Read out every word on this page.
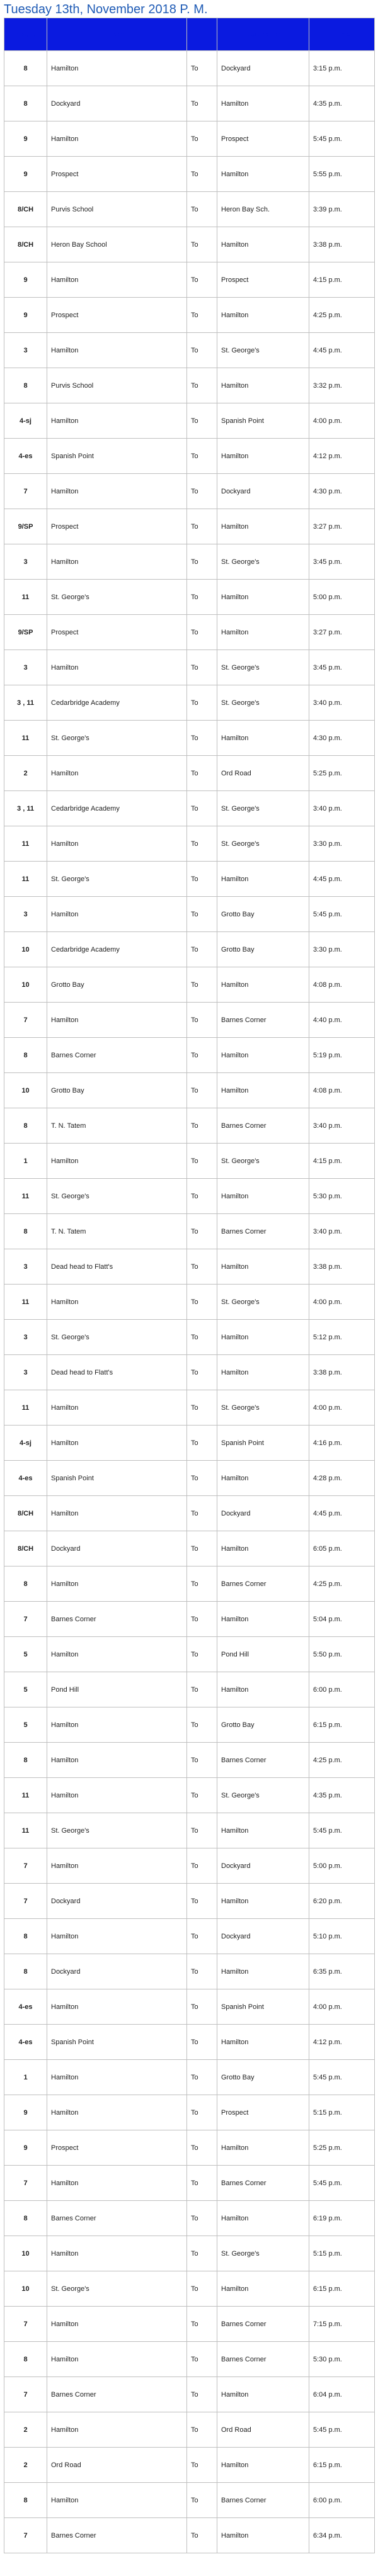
Tuesday 13th, November 2018 P. M.
Route	From		Destination	Time
8	Hamilton	To	Dockyard	3:15 p.m.
8	Dockyard	To	Hamilton	4:35 p.m.
9	Hamilton	To	Prospect	5:45 p.m.
9	Prospect	To	Hamilton	5:55 p.m.
8/CH	Purvis School	To	Heron Bay Sch.	3:39 p.m.
8/CH	Heron Bay School	To	Hamilton	3:38 p.m.
9	Hamilton	To	Prospect	4:15 p.m.
9	Prospect	To	Hamilton	4:25 p.m.
3	Hamilton	To	St. George's	4:45 p.m.
8	Purvis School	To	Hamilton	3:32 p.m.
4-sj	Hamilton	To	Spanish Point	4:00 p.m.
4-es	Spanish Point	To	Hamilton	4:12 p.m.
7	Hamilton	To	Dockyard	4:30 p.m.
9/SP	Prospect	To	Hamilton	3:27 p.m.
3	Hamilton	To	St. George's	3:45 p.m.
11	St. George's	To	Hamilton	5:00 p.m.
9/SP	Prospect	To	Hamilton	3:27 p.m.
3	Hamilton	To	St. George's	3:45 p.m.
3 , 11	Cedarbridge Academy	To	St. George's	3:40 p.m.
11	St. George's	To	Hamilton	4:30 p.m.
2	Hamilton	To	Ord Road	5:25 p.m.
3 , 11	Cedarbridge Academy	To	St. George's	3:40 p.m.
11	Hamilton	To	St. George's	3:30 p.m.
11	St. George's	To	Hamilton	4:45 p.m.
3	Hamilton	To	Grotto Bay	5:45 p.m.
10	Cedarbridge Academy	To	Grotto Bay	3:30 p.m.
10	Grotto Bay	To	Hamilton	4:08 p.m.
7	Hamilton	To	Barnes Corner	4:40 p.m.
8	Barnes Corner	To	Hamilton	5:19 p.m.
10	Grotto Bay	To	Hamilton	4:08 p.m.
8	T. N. Tatem	To	Barnes Corner	3:40 p.m.
1	Hamilton	To	St. George's	4:15 p.m.
11	St. George's	To	Hamilton	5:30 p.m.
8	T. N. Tatem	To	Barnes Corner	3:40 p.m.
3	Dead head to Flatt's	To	Hamilton	3:38 p.m.
11	Hamilton	To	St. George's	4:00 p.m.
3	St. George's	To	Hamilton	5:12 p.m.
3	Dead head to Flatt's	To	Hamilton	3:38 p.m.
11	Hamilton	To	St. George's	4:00 p.m.
4-sj	Hamilton	To	Spanish Point	4:16 p.m.
4-es	Spanish Point	To	Hamilton	4:28 p.m.
8/CH	Hamilton	To	Dockyard	4:45 p.m.
8/CH	Dockyard	To	Hamilton	6:05 p.m.
8	Hamilton	To	Barnes Corner	4:25 p.m.
7	Barnes Corner	To	Hamilton	5:04 p.m.
5	Hamilton	To	Pond Hill	5:50 p.m.
5	Pond Hill	To	Hamilton	6:00 p.m.
5	Hamilton	To	Grotto Bay	6:15 p.m.
8	Hamilton	To	Barnes Corner	4:25 p.m.
11	Hamilton	To	St. George's	4:35 p.m.
11	St. George's	To	Hamilton	5:45 p.m.
7	Hamilton	To	Dockyard	5:00 p.m.
7	Dockyard	To	Hamilton	6:20 p.m.
8	Hamilton	To	Dockyard	5:10 p.m.
8	Dockyard	To	Hamilton	6:35 p.m.
4-es	Hamilton	To	Spanish Point	4:00 p.m.
4-es	Spanish Point	To	Hamilton	4:12 p.m.
1	Hamilton	To	Grotto Bay	5:45 p.m.
9	Hamilton	To	Prospect	5:15 p.m.
9	Prospect	To	Hamilton	5:25 p.m.
7	Hamilton	To	Barnes Corner	5:45 p.m.
8	Barnes Corner	To	Hamilton	6:19 p.m.
10	Hamilton	To	St. George's	5:15 p.m.
10	St. George's	To	Hamilton	6:15 p.m.
7	Hamilton	To	Barnes Corner	7:15 p.m.
8	Hamilton	To	Barnes Corner	5:30 p.m.
7	Barnes Corner	To	Hamilton	6:04 p.m.
2	Hamilton	To	Ord Road	5:45 p.m.
2	Ord Road	To	Hamilton	6:15 p.m.
8	Hamilton	To	Barnes Corner	6:00 p.m.
7	Barnes Corner	To	Hamilton	6:34 p.m.
